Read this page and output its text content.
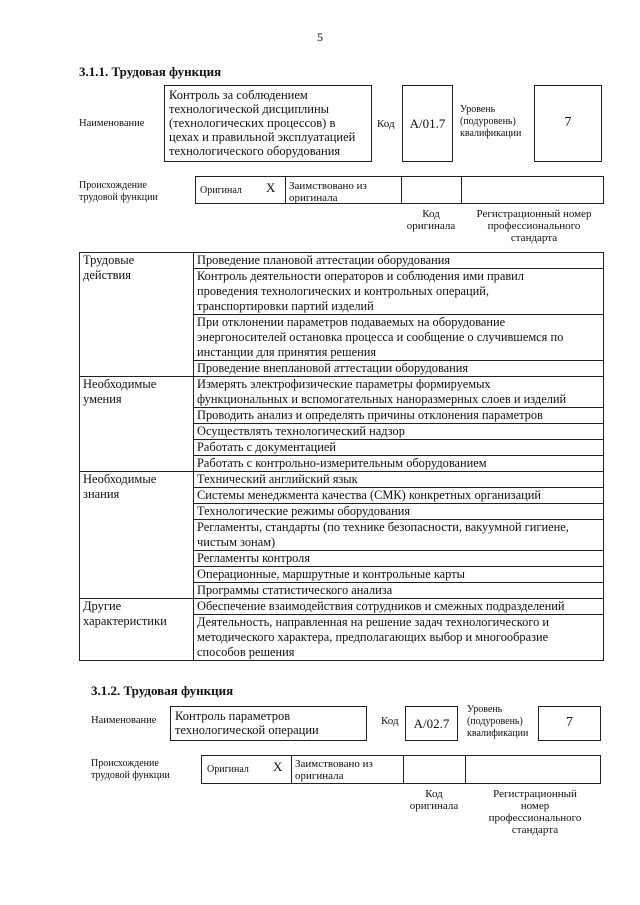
5
3.1.1. Трудовая функция
Наименование
Контроль за соблюдением
технологической дисциплины
(технологических процессов) в
цехах и правильной эксплуатацией
технологического оборудования
Код	A/01.7
Уровень
(подуровень)
квалификации
7
Происхождение
трудовой функции
Оригинал X Заимствовано из
оригинала
Код
оригинала
Регистрационный номер
профессионального
стандарта
Трудовые
действия	Проведение плановой аттестации оборудования

	Контроль деятельности операторов и соблюдения ими правил
проведения технологических и контрольных операций,
транспортировки партий изделий

	При отклонении параметров подаваемых на оборудование
энергоносителей остановка процесса и сообщение о случившемся по
инстанции для принятия решения

	Проведение внеплановой аттестации оборудования

Необходимые
умения	Измерять электрофизические параметры формируемых
функциональных и вспомогательных наноразмерных слоев и изделий

	Проводить анализ и определять причины отклонения параметров

	Осуществлять технологический надзор

	Работать с документацией

	Работать с контрольно-измерительным оборудованием

Необходимые
знания	Технический английский язык

	Системы менеджмента качества (СМК) конкретных организаций

	Технологические режимы оборудования

	Регламенты, стандарты (по технике безопасности, вакуумной гигиене,
чистым зонам)

	Регламенты контроля

	Операционные, маршрутные и контрольные карты

	Программы статистического анализа

Другие
характеристики	Обеспечение взаимодействия сотрудников и смежных подразделений

	Деятельность, направленная на решение задач технологического и
методического характера, предполагающих выбор и многообразие
способов решения
3.1.2. Трудовая функция
Наименование Контроль параметров
технологической операции
Код	A/02.7
Уровень
(подуровень)
квалификации
7
Происхождение
трудовой функции
Оригинал X Заимствовано из
оригинала
Код
оригинала
Регистрационный
номер
профессионального
стандарта
